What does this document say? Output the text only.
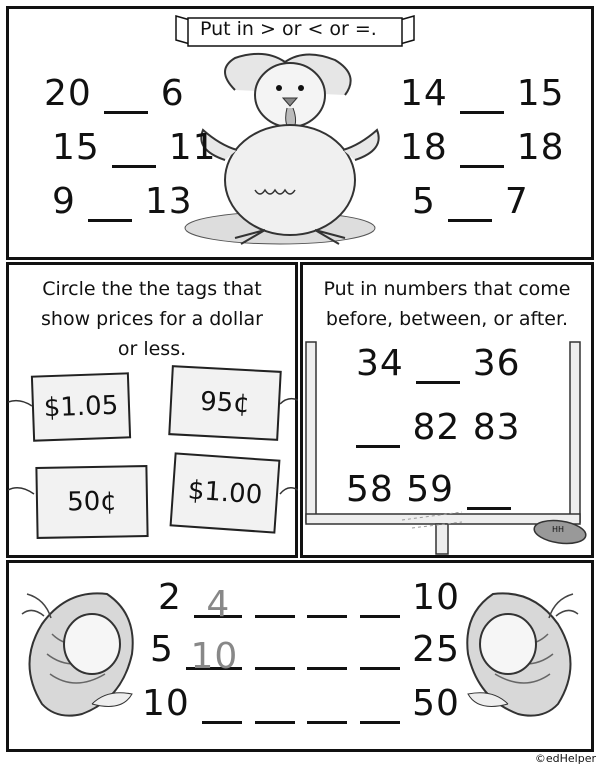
Put in > or < or =.
20 6
15 11
9 13
14 15
18 18
5 7
Circle the the tags that
show prices for a dollar
or less.
$1.05	95¢
50¢	$1.00
Put in numbers that come
before, between, or after.
HH
34 36
82 83
58 59
2 4	10
5 10	25
10	50
©edHelper
